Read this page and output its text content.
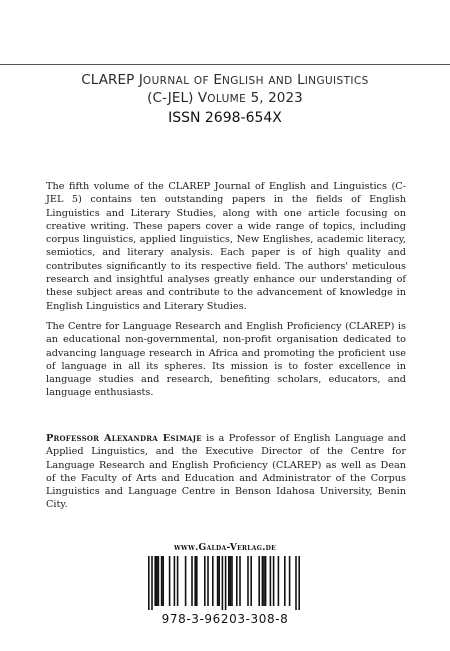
CLAREP JOURNAL OF ENGLISH AND LINGUISTICS
(C-JEL) VOLUME 5, 2023
ISSN 2698-654X
The fifth volume of the CLAREP Journal of English and Linguistics (C-JEL 5) contains ten outstanding papers in the fields of English Linguistics and Literary Studies, along with one article focusing on creative writing. These papers cover a wide range of topics, including corpus linguistics, applied linguistics, New Englishes, academic literacy, semiotics, and literary analysis. Each paper is of high quality and contributes significantly to its respective field. The authors' meticulous research and insightful analyses greatly enhance our understanding of these subject areas and contribute to the advancement of knowledge in English Linguistics and Literary Studies.
The Centre for Language Research and English Proficiency (CLAREP) is an educational non-governmental, non-profit organisation dedicated to advancing language research in Africa and promoting the proficient use of language in all its spheres. Its mission is to foster excellence in language studies and research, benefiting scholars, educators, and language enthusiasts.
Professor Alexandra Esimaje is a Professor of English Language and Applied Linguistics, and the Executive Director of the Centre for Language Research and English Proficiency (CLAREP) as well as Dean of the Faculty of Arts and Education and Administrator of the Corpus Linguistics and Language Centre in Benson Idahosa University, Benin City.
www.Galda-Verlag.de
978-3-96203-308-8
